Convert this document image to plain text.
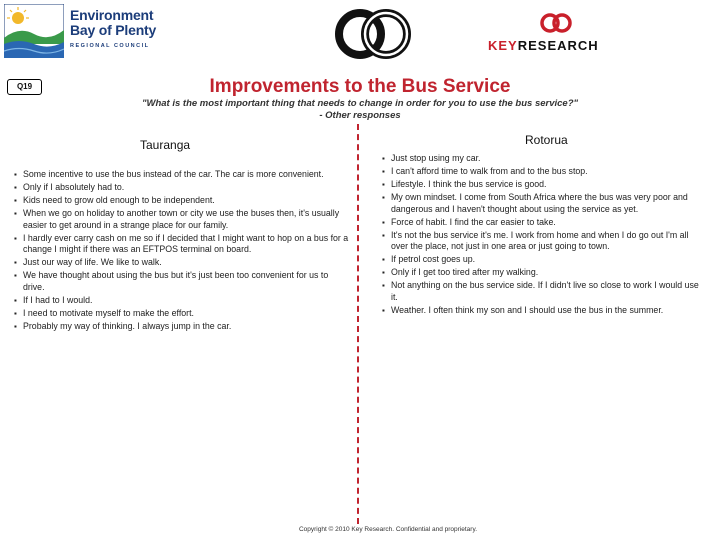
Environment
Bay of Plenty
REGIONAL COUNCIL	KEYRESEARCH
Q19	Improvements to the Bus Service
"What is the most important thing that needs to change in order for you to use the bus service?"
- Other responses
Tauranga	Rotorua
▪ Some incentive to use the bus instead of the car. The car is more convenient.
▪ Only if I absolutely had to.
▪ Kids need to grow old enough to be independent.
▪ When we go on holiday to another town or city we use the buses then, it's usually easier to get around in a strange place for our family.
▪ I hardly ever carry cash on me so if I decided that I might want to hop on a bus for a change I might if there was an EFTPOS terminal on board.
▪ Just our way of life. We like to walk.
▪ We have thought about using the bus but it's just been too convenient for us to drive.
▪ If I had to I would.
▪ I need to motivate myself to make the effort.
▪ Probably my way of thinking. I always jump in the car.
▪ Just stop using my car.
▪ I can't afford time to walk from and to the bus stop.
▪ Lifestyle. I think the bus service is good.
▪ My own mindset. I come from South Africa where the bus was very poor and dangerous and I haven't thought about using the service as yet.
▪ Force of habit. I find the car easier to take.
▪ It's not the bus service it's me. I work from home and when I do go out I'm all over the place, not just in one area or just going to town.
▪ If petrol cost goes up.
▪ Only if I get too tired after my walking.
▪ Not anything on the bus service side. If I didn't live so close to work I would use it.
▪ Weather. I often think my son and I should use the bus in the summer.
Copyright © 2010 Key Research. Confidential and proprietary.
